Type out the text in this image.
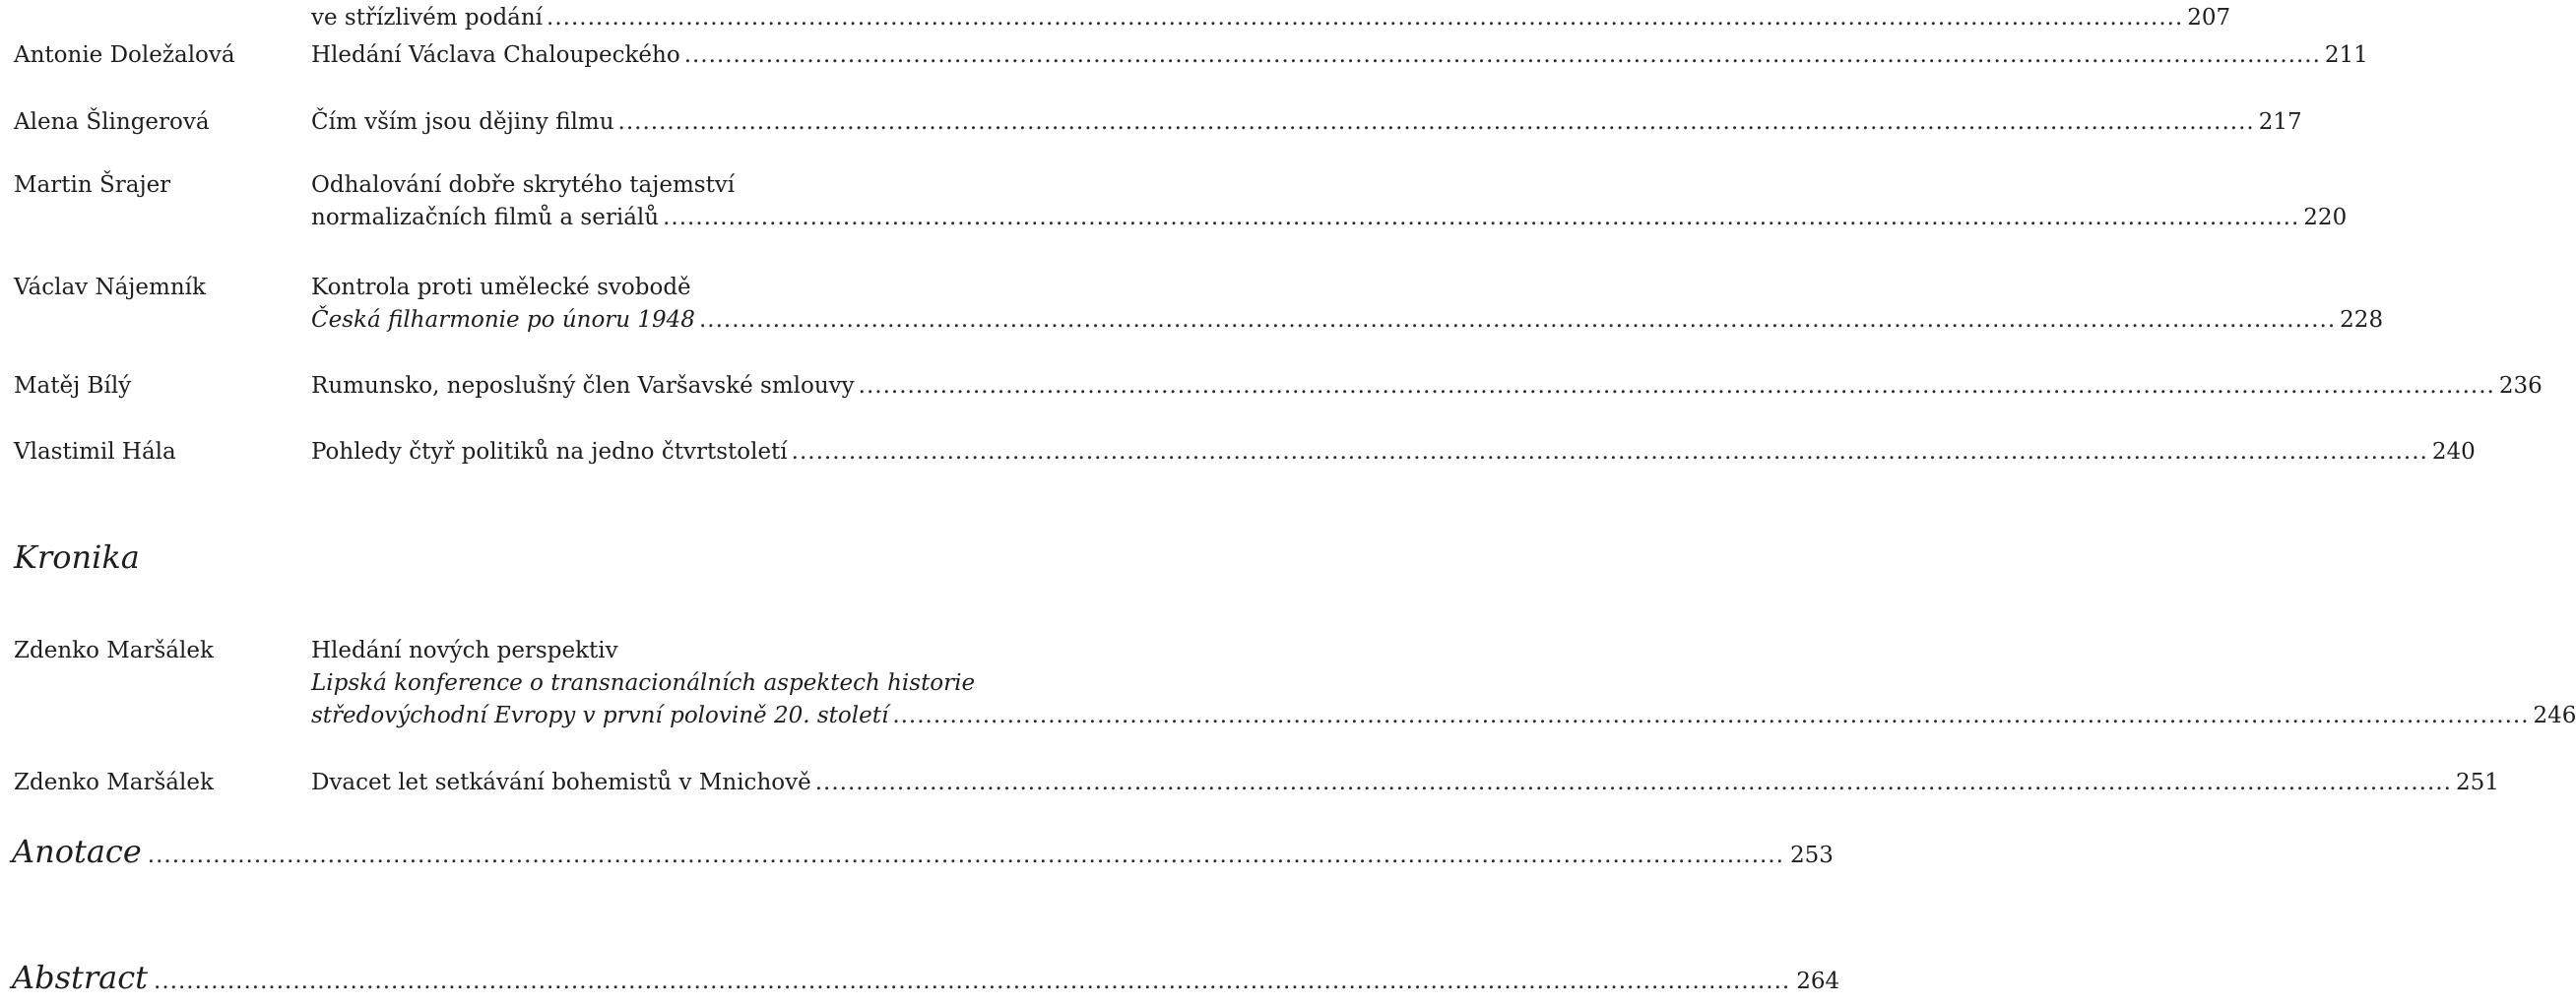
ve střízlivém podání ........................................................................................................................................................................................................ 207
Antonie Doležalová	Hledání Václava Chaloupeckého ........................................................................................................................................................................................................ 211
Alena Šlingerová	Čím vším jsou dějiny filmu ........................................................................................................................................................................................................ 217
Martin Šrajer	Odhalování dobře skrytého tajemství
normalizačních filmů a seriálů ........................................................................................................................................................................................................ 220
Václav Nájemník	Kontrola proti umělecké svobodě
Česká filharmonie po únoru 1948 ........................................................................................................................................................................................................ 228
Matěj Bílý	Rumunsko, neposlušný člen Varšavské smlouvy ........................................................................................................................................................................................................ 236
Vlastimil Hála	Pohledy čtyř politiků na jedno čtvrtstoletí ........................................................................................................................................................................................................ 240
Kronika
Zdenko Maršálek	Hledání nových perspektiv
Lipská konference o transnacionálních aspektech historie
středovýchodní Evropy v první polovině 20. století ........................................................................................................................................................................................................ 246
Zdenko Maršálek	Dvacet let setkávání bohemistů v Mnichově ........................................................................................................................................................................................................ 251
Anotace ........................................................................................................................................................................................................ 253
Abstract ........................................................................................................................................................................................................ 264
